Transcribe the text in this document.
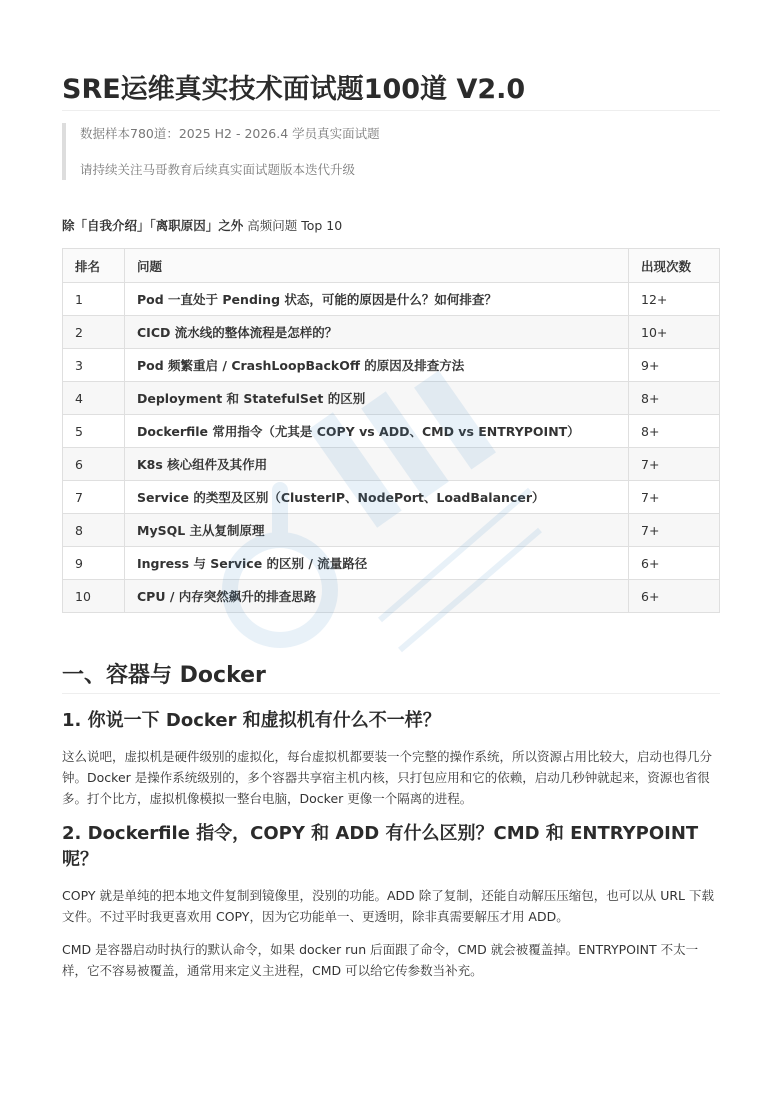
SRE运维真实技术面试题100道 V2.0

数据样本780道：2025 H2 - 2026.4 学员真实面试题

请持续关注马哥教育后续真实面试题版本迭代升级

除「自我介绍」「离职原因」之外 高频问题 Top 10
排名	问题	出现次数
1	Pod 一直处于 Pending 状态，可能的原因是什么？如何排查？	12+
2	CICD 流水线的整体流程是怎样的？	10+
3	Pod 频繁重启 / CrashLoopBackOff 的原因及排查方法	9+
4	Deployment 和 StatefulSet 的区别	8+
5	Dockerfile 常用指令（尤其是 COPY vs ADD、CMD vs ENTRYPOINT）	8+
6	K8s 核心组件及其作用	7+
7	Service 的类型及区别（ClusterIP、NodePort、LoadBalancer）	7+
8	MySQL 主从复制原理	7+
9	Ingress 与 Service 的区别 / 流量路径	6+
10	CPU / 内存突然飙升的排查思路	6+
一、容器与 Docker
1. 你说一下 Docker 和虚拟机有什么不一样？

这么说吧，虚拟机是硬件级别的虚拟化，每台虚拟机都要装一个完整的操作系统，所以资源占用比较大，启动也得几分钟。Docker 是操作系统级别的，多个容器共享宿主机内核，只打包应用和它的依赖，启动几秒钟就起来，资源也省很多。打个比方，虚拟机像模拟一整台电脑，Docker 更像一个隔离的进程。

2. Dockerfile 指令，COPY 和 ADD 有什么区别？CMD 和 ENTRYPOINT 呢？

COPY 就是单纯的把本地文件复制到镜像里，没别的功能。ADD 除了复制，还能自动解压压缩包，也可以从 URL 下载文件。不过平时我更喜欢用 COPY，因为它功能单一、更透明，除非真需要解压才用 ADD。

CMD 是容器启动时执行的默认命令，如果 docker run 后面跟了命令，CMD 就会被覆盖掉。ENTRYPOINT 不太一样，它不容易被覆盖，通常用来定义主进程，CMD 可以给它传参数当补充。
